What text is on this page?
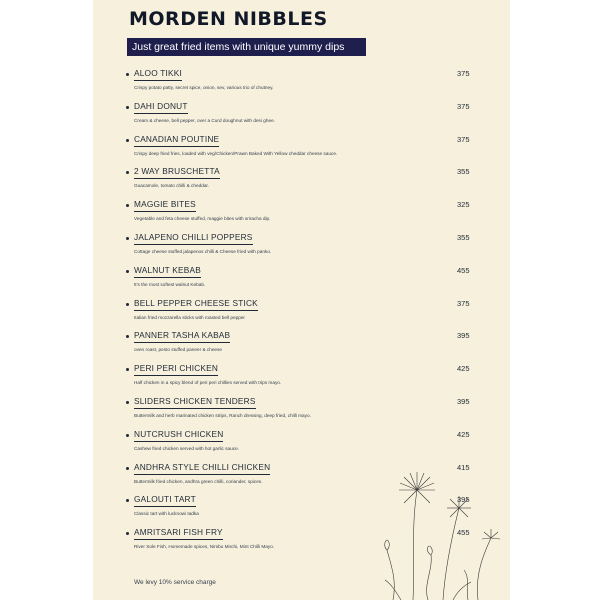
MORDEN NIBBLES
Just great fried items with unique yummy dips
ALOO TIKKI	375
Crispy potato patty, secret spice, onion, sev, various trio of chutney.
DAHI DONUT	375
Cream & cheese, bell pepper, over a Curd doughnut with desi ghee.
CANADIAN POUTINE	375
Crispy deep fried fries, loaded with veg/Chicken/Prawn Baked With Yellow cheddar cheese sauce.
2 WAY BRUSCHETTA	355
Guacamole, tomato chilli & cheddar.
MAGGIE BITES	325
Vegetable and feta cheese stuffed, maggie bites with sriracha dip.
JALAPENO CHILLI POPPERS	355
Cottage cheese stuffed jalapenos chilli & Cheese fried with panko.
WALNUT KEBAB	455
It's the most softest walnut Kebab.
BELL PEPPER CHEESE STICK	375
Italian fried mozzarella sticks with roasted bell pepper
PANNER TASHA KABAB	395
oven roast, pesto stuffed paneer & cheese
PERI PERI CHICKEN	425
Half chicken in a spicy blend of peri peri chillies served with trips mayo.
SLIDERS CHICKEN TENDERS	395
Buttermilk and herb marinated chicken strips, Ranch dressing, deep fried, chilli mayo.
NUTCRUSH CHICKEN	425
Cashew fried chicken served with hot garlic sauce.
ANDHRA STYLE CHILLI CHICKEN	415
Buttermilk fried chicken, andhra green chilli, coriander, spices.
GALOUTI TART	395
Classic tart with lucknowi tadka
AMRITSARI FISH FRY	455
River Sole Fish, Homemade spices, Nimbu Mirchi, Mint Chilli Mayo.
We levy 10% service charge
